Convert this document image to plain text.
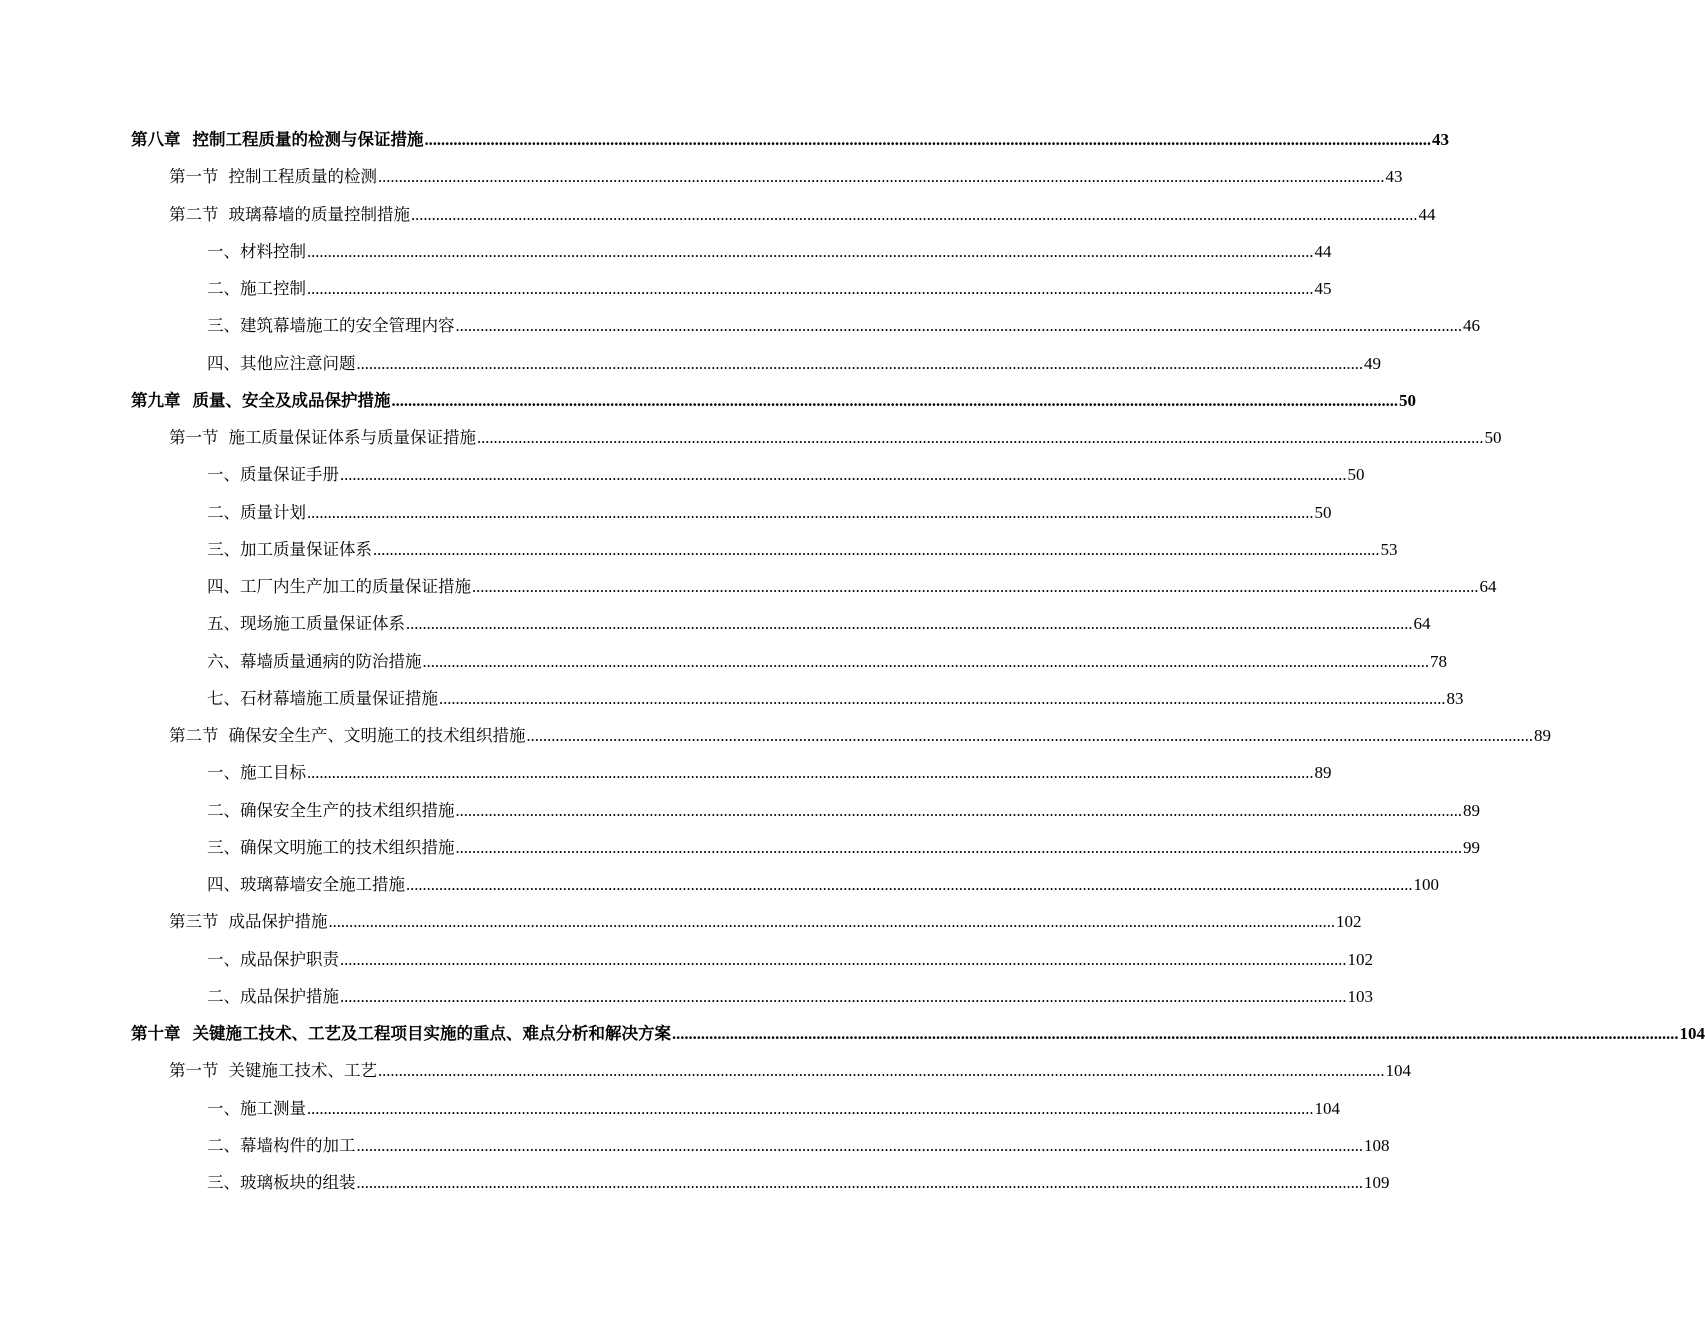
第八章 控制工程质量的检测与保证措施 .....	43
第一节 控制工程质量的检测 .....	43
第二节 玻璃幕墙的质量控制措施 .....	44
一、 材料控制 .....	44
二、 施工控制 .....	45
三、 建筑幕墙施工的安全管理内容 .....	46
四、 其他应注意问题 .....	49
第九章 质量、安全及成品保护措施 .....	50
第一节 施工质量保证体系与质量保证措施 .....	50
一、 质量保证手册 .....	50
二、 质量计划 .....	50
三、 加工质量保证体系 .....	53
四、 工厂内生产加工的质量保证措施 .....	64
五、 现场施工质量保证体系 .....	64
六、 幕墙质量通病的防治措施 .....	78
七、 石材幕墙施工质量保证措施 .....	83
第二节 确保安全生产、文明施工的技术组织措施 .....	89
一、 施工目标 .....	89
二、 确保安全生产的技术组织措施 .....	89
三、 确保文明施工的技术组织措施 .....	99
四、 玻璃幕墙安全施工措施 .....	100
第三节 成品保护措施 .....	102
一、 成品保护职责 .....	102
二、 成品保护措施 .....	103
第十章 关键施工技术、工艺及工程项目实施的重点、难点分析和解决方案 .....	104
第一节 关键施工技术、工艺 .....	104
一、 施工测量 .....	104
二、 幕墙构件的加工 .....	108
三、 玻璃板块的组装 .....	109
